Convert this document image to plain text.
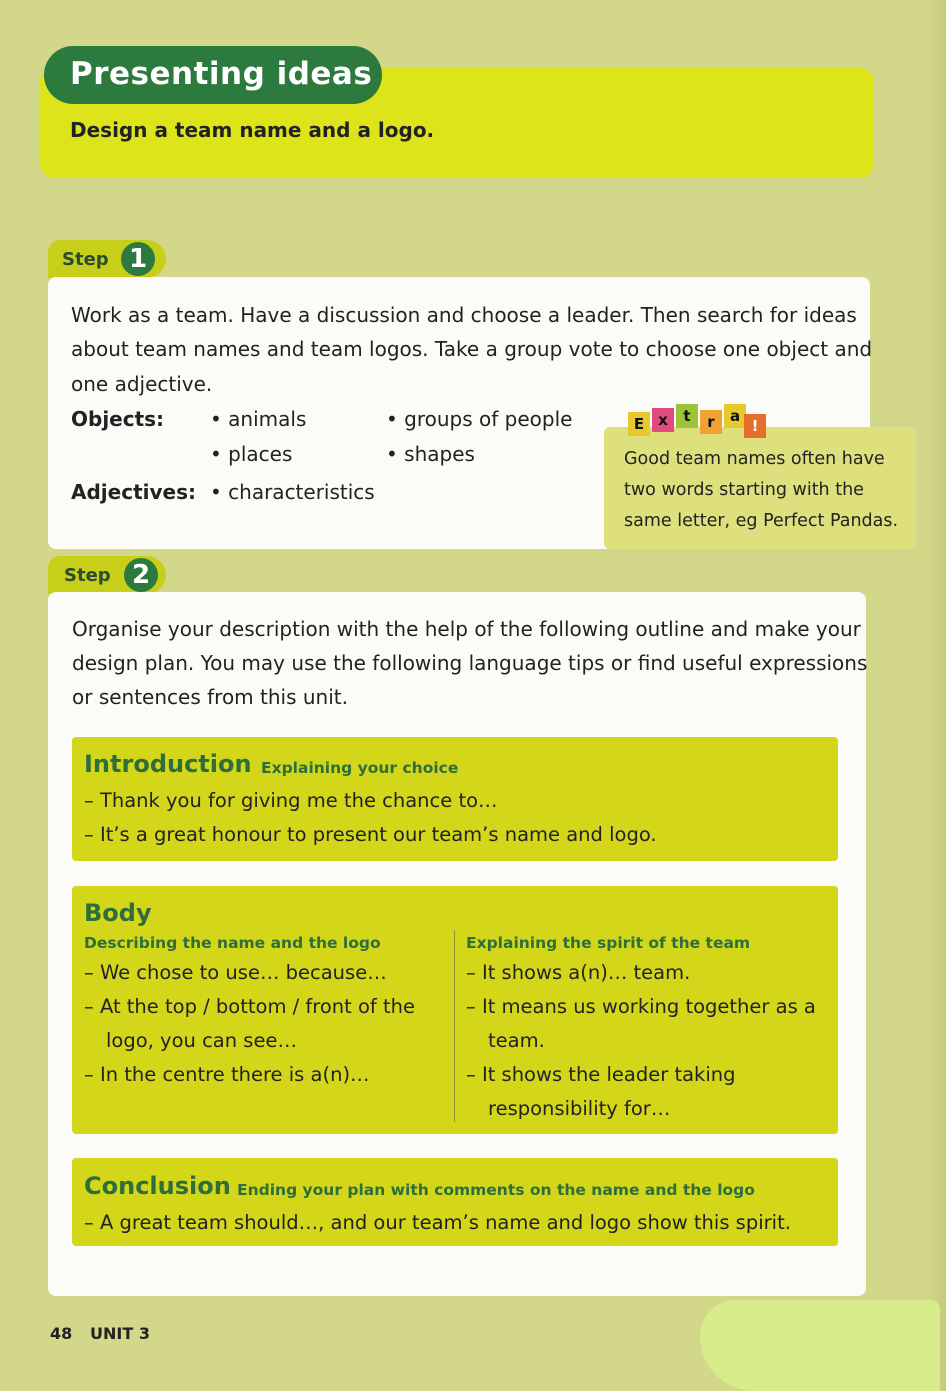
Presenting ideas
Design a team name and a logo.
Step 1

Work as a team. Have a discussion and choose a leader. Then search for ideas

about team names and team logos. Take a group vote to choose one object and

one adjective.

Objects: • animals	• groups of people
• places	• shapes
Adjectives: • characteristics
E x	t	r	a
!

Good team names often have
two words starting with the
same letter, eg Perfect Pandas.

Step 2

Organise your description with the help of the following outline and make your

design plan. You may use the following language tips or find useful expressions

or sentences from this unit.

Introduction Explaining your choice
– Thank you for giving me the chance to…
– It’s a great honour to present our team’s name and logo.
Body
Describing the name and the logo
– We chose to use… because…
– At the top / bottom / front of the
logo, you can see…
– In the centre there is a(n)…
Explaining the spirit of the team
– It shows a(n)… team.
– It means us working together as a
team.
– It shows the leader taking
responsibility for…
Conclusion Ending your plan with comments on the name and the logo
– A great team should…, and our team’s name and logo show this spirit.
48 UNIT 3
